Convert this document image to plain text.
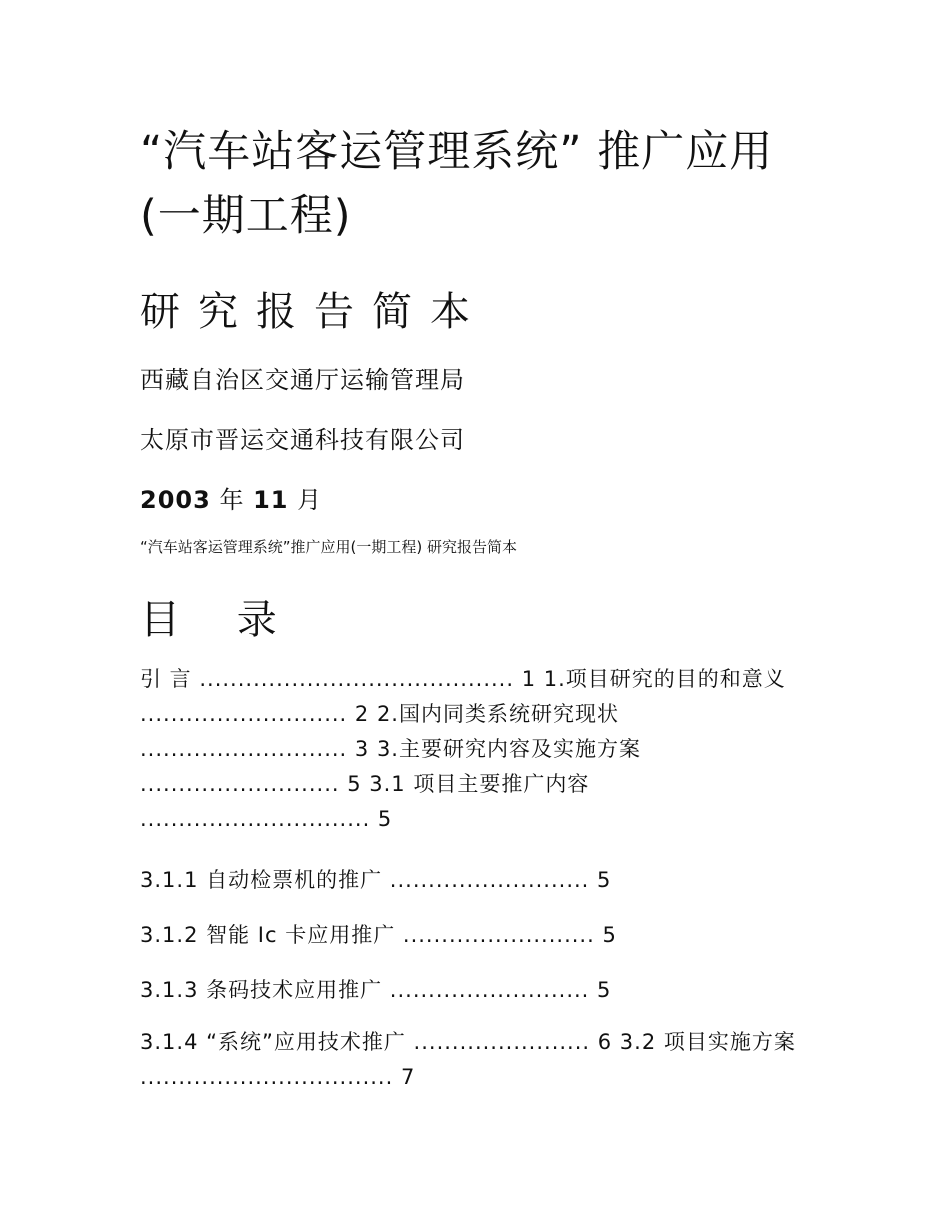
“汽车站客运管理系统” 推广应用(一期工程)
研究报告简本

西藏自治区交通厅运输管理局

太原市晋运交通科技有限公司

2003 年 11 月

“汽车站客运管理系统”推广应用(一期工程) 研究报告简本

目 录

引 言 ......................................... 1 1.项目研究的目的和意义 ........................... 2 2.国内同类系统研究现状 ........................... 3 3.主要研究内容及实施方案 .......................... 5 3.1 项目主要推广内容 .............................. 5

3.1.1 自动检票机的推广 .......................... 5

3.1.2 智能 Ic 卡应用推广 ......................... 5

3.1.3 条码技术应用推广 .......................... 5

3.1.4 “系统”应用技术推广 ....................... 6 3.2 项目实施方案 ................................. 7
